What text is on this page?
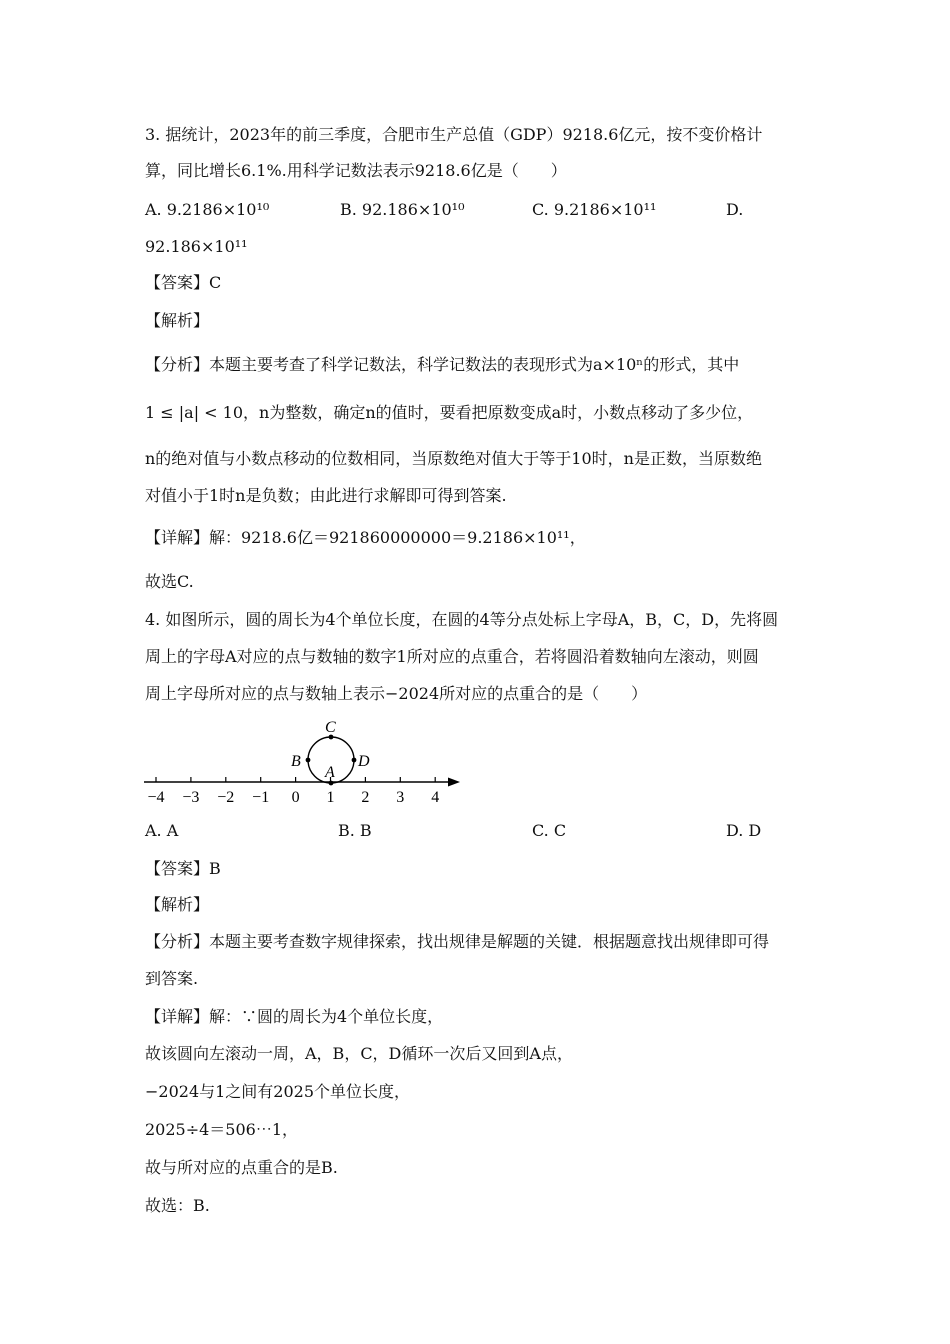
3. 据统计，2023年的前三季度，合肥市生产总值（GDP）9218.6亿元，按不变价格计
算，同比增长6.1%.用科学记数法表示9218.6亿是（　　）
A. 9.2186×10¹⁰	B. 92.186×10¹⁰	C. 9.2186×10¹¹	D.
92.186×10¹¹
【答案】C
【解析】
【分析】本题主要考查了科学记数法，科学记数法的表现形式为a×10ⁿ的形式，其中
1 ≤ |a| < 10，n为整数，确定n的值时，要看把原数变成a时，小数点移动了多少位，
n的绝对值与小数点移动的位数相同，当原数绝对值大于等于10时，n是正数，当原数绝
对值小于1时n是负数；由此进行求解即可得到答案.
【详解】解：9218.6亿＝921860000000＝9.2186×10¹¹，
故选C.
4. 如图所示，圆的周长为4个单位长度，在圆的4等分点处标上字母A，B，C，D，先将圆
周上的字母A对应的点与数轴的数字1所对应的点重合，若将圆沿着数轴向左滚动，则圆
周上字母所对应的点与数轴上表示−2024所对应的点重合的是（　　）
C
B	D
A
−4 −3 −2 −1 0 1 2 3 4
A. A	B. B	C. C	D. D
【答案】B
【解析】
【分析】本题主要考查数字规律探索，找出规律是解题的关键．根据题意找出规律即可得
到答案.
【详解】解：∵圆的周长为4个单位长度，
故该圆向左滚动一周，A，B，C，D循环一次后又回到A点，
−2024与1之间有2025个单位长度，
2025÷4＝506⋯1，
故与所对应的点重合的是B.
故选：B.
